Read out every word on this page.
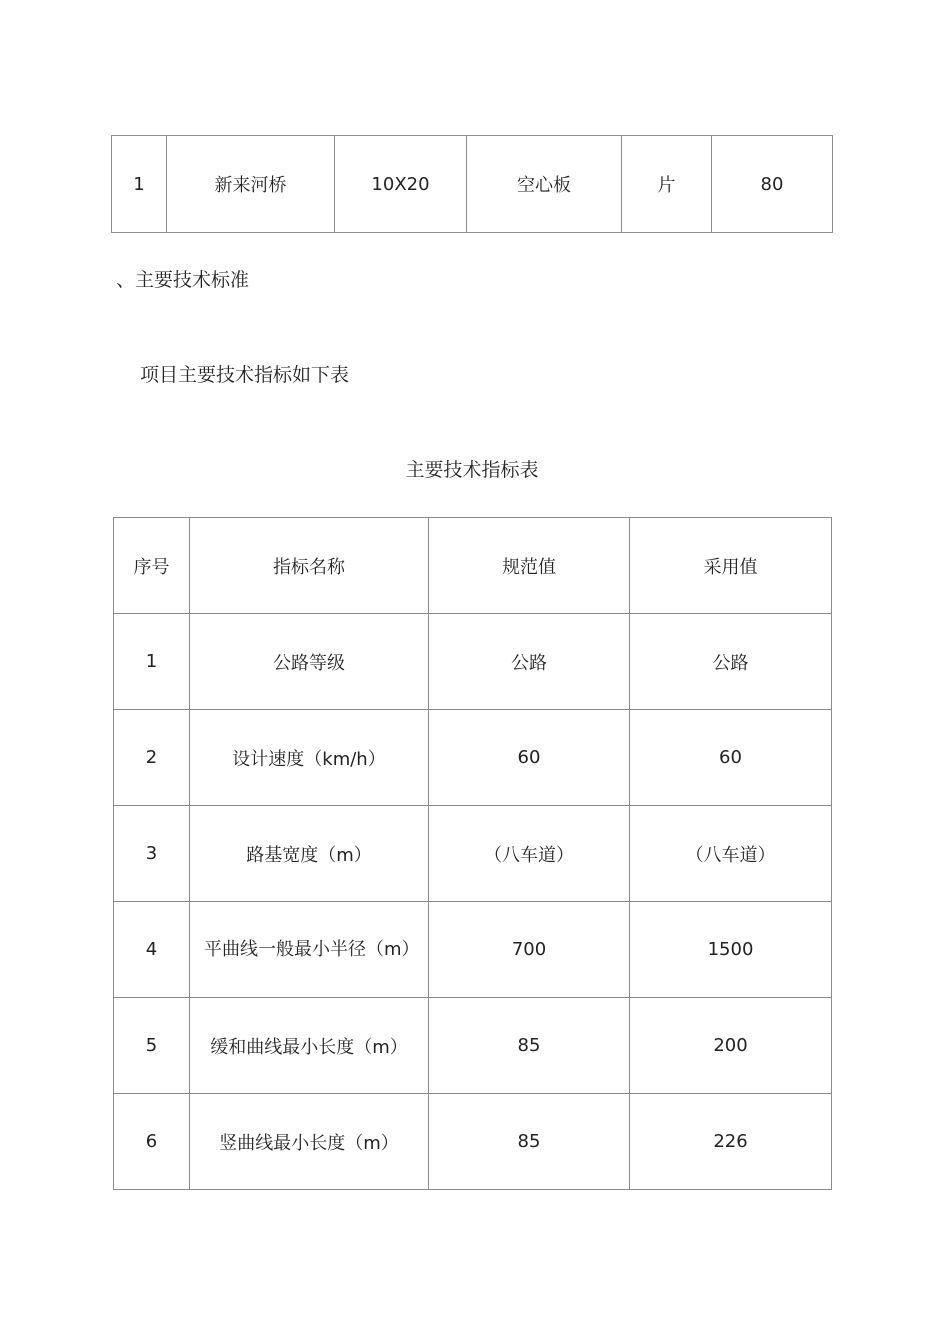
1	新来河桥	10X20	空心板	片	80
、主要技术标准
项目主要技术指标如下表
主要技术指标表
序号	指标名称	规范值	采用值
1	公路等级	公路	公路
2	设计速度（km/h）	60	60
3	路基宽度（m）	（八车道）	（八车道）
4	平曲线一般最小半径（m）	700	1500
5	缓和曲线最小长度（m）	85	200
6	竖曲线最小长度（m）	85	226
